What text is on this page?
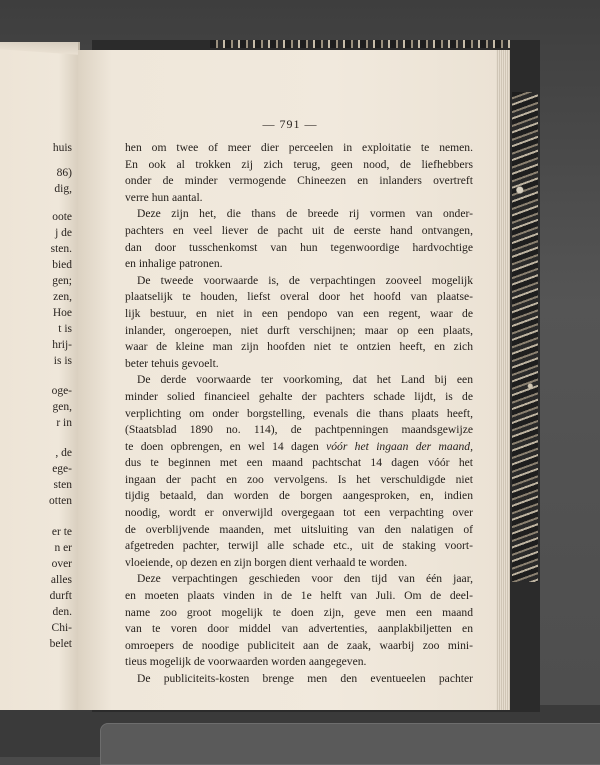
huis
86)
dig,
oote
j de
sten.
bied
gen;
zen,
Hoe
t is
hrij-
is is
oge-
gen,
r in
, de
ege-
sten
otten
er te
n er
over
alles
durft
den.
Chi-
belet
— 791 —
hen om twee of meer dier perceelen in exploitatie te nemen.
En ook al trokken zij zich terug, geen nood, de liefhebbers
onder de minder vermogende Chineezen en inlanders overtreft
verre hun aantal.
Deze zijn het, die thans de breede rij vormen van onder-
pachters en veel liever de pacht uit de eerste hand ontvangen,
dan door tusschenkomst van hun tegenwoordige hardvochtige
en inhalige patronen.
De tweede voorwaarde is, de verpachtingen zooveel mogelijk
plaatselijk te houden, liefst overal door het hoofd van plaatse-
lijk bestuur, en niet in een pendopo van een regent, waar de
inlander, ongeroepen, niet durft verschijnen; maar op een plaats,
waar de kleine man zijn hoofden niet te ontzien heeft, en zich
beter tehuis gevoelt.
De derde voorwaarde ter voorkoming, dat het Land bij een
minder solied financieel gehalte der pachters schade lijdt, is de
verplichting om onder borgstelling, evenals die thans plaats heeft,
(Staatsblad 1890 no. 114), de pachtpenningen maandsgewijze
te doen opbrengen, en wel 14 dagen vóór het ingaan der maand,
dus te beginnen met een maand pachtschat 14 dagen vóór het
ingaan der pacht en zoo vervolgens. Is het verschuldigde niet
tijdig betaald, dan worden de borgen aangesproken, en, indien
noodig, wordt er onverwijld overgegaan tot een verpachting over
de overblijvende maanden, met uitsluiting van den nalatigen of
afgetreden pachter, terwijl alle schade etc., uit de staking voort-
vloeiende, op dezen en zijn borgen dient verhaald te worden.
Deze verpachtingen geschieden voor den tijd van één jaar,
en moeten plaats vinden in de 1e helft van Juli. Om de deel-
name zoo groot mogelijk te doen zijn, geve men een maand
van te voren door middel van advertenties, aanplakbiljetten en
omroepers de noodige publiciteit aan de zaak, waarbij zoo mini-
tieus mogelijk de voorwaarden worden aangegeven.
De publiciteits-kosten brenge men den eventueelen pachter
